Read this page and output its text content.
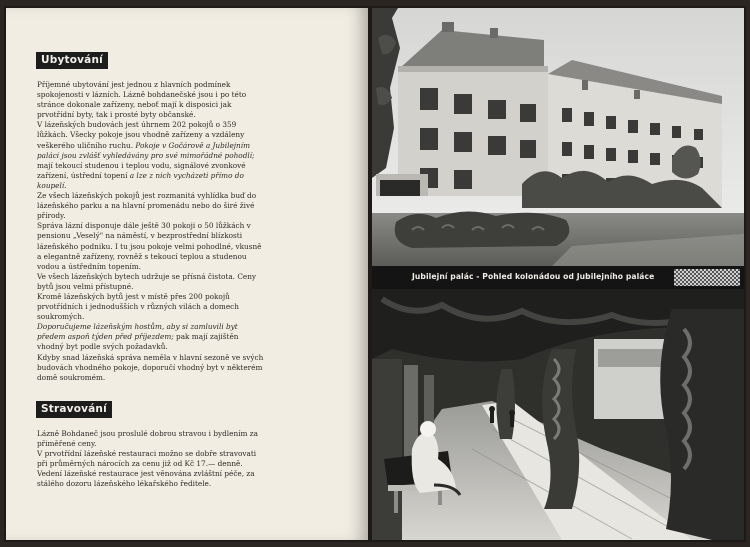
Ubytování

Příjemné ubytování jest jednou z hlavních podmínek spokojenosti v lázních. Lázně bohdanečské jsou i po této stránce dokonale zařízeny, neboť mají k disposici jak prvotřídní byty, tak i prosté byty občanské.

V lázeňských budovách jest úhrnem 202 pokojů o 359 lůžkách. Všecky pokoje jsou vhodně zařízeny a vzdáleny veškerého uličního ruchu. Pokoje v Gočárově a Jubilejním paláci jsou zvlášť vyhledávány pro své mimořádné pohodlí; mají tekoucí studenou i teplou vodu, signálové zvonkové zařízení, ústřední topení a lze z nich vycházeti přímo do koupelí.

Ze všech lázeňských pokojů jest rozmanitá vyhlídka buď do lázeňského parku a na hlavní promenádu nebo do širé živé přírody.

Správa lázní disponuje dále ještě 30 pokoji o 50 lůžkách v pensionu „Veselý" na náměstí, v bezprostřední blízkosti lázeňského podniku. I tu jsou pokoje velmi pohodlné, vkusně a elegantně zařízeny, rovněž s tekoucí teplou a studenou vodou a ústředním topením.

Ve všech lázeňských bytech udržuje se přísná čistota. Ceny bytů jsou velmi přístupné.

Kromě lázeňských bytů jest v místě přes 200 pokojů prvotřídních i jednodušších v různých vilách a domech soukromých.

Doporučujeme lázeňským hostům, aby si zamluvili byt předem aspoň týden před příjezdem; pak mají zajištěn vhodný byt podle svých požadavků.

Kdyby snad lázeňská správa neměla v hlavní sezoně ve svých budovách vhodného pokoje, doporučí vhodný byt v některém domě soukromém.

Stravování

Lázně Bohdaneč jsou proslulé dobrou stravou i bydlením za přiměřené ceny.

V prvotřídní lázeňské restauraci možno se dobře stravovati při průměrných nárocích za cenu již od Kč 17.— denně.

Vedení lázeňské restaurace jest věnována zvláštní péče, za stálého dozoru lázeňského lékařského ředitele.

Jubilejní palác - Pohled kolonádou od Jubilejního paláce
